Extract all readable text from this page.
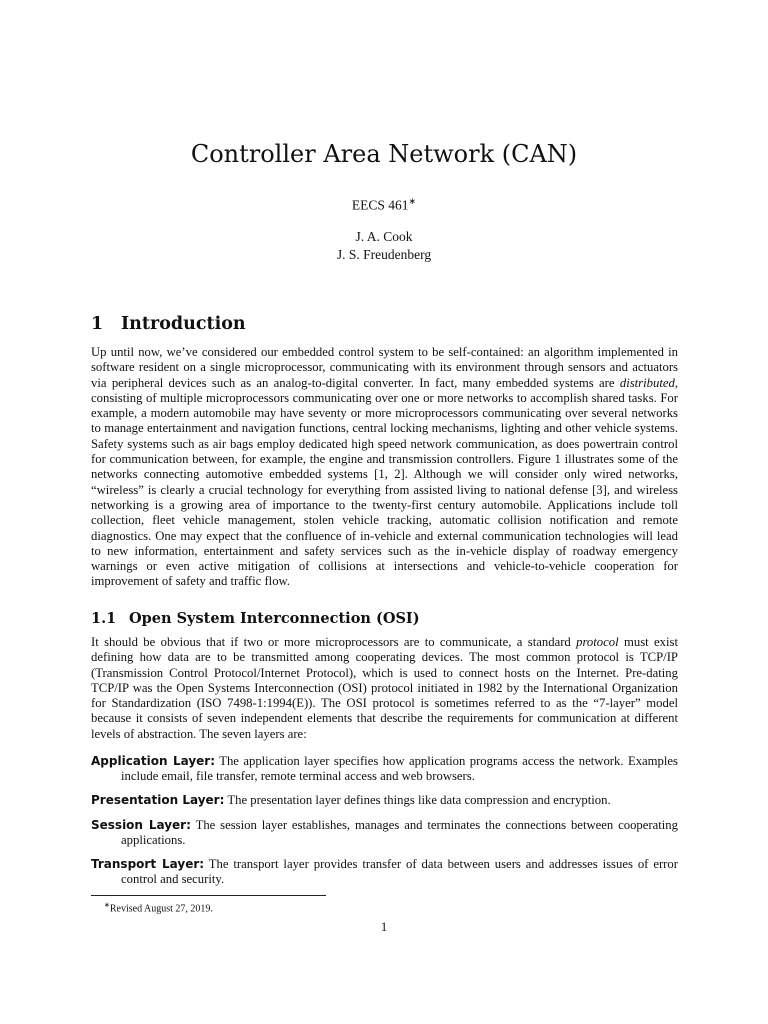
Controller Area Network (CAN)
EECS 461∗
J. A. Cook
J. S. Freudenberg
1 Introduction

Up until now, we’ve considered our embedded control system to be self-contained: an algorithm implemented in software resident on a single microprocessor, communicating with its environment through sensors and actuators via peripheral devices such as an analog-to-digital converter. In fact, many embedded systems are distributed, consisting of multiple microprocessors communicating over one or more networks to accomplish shared tasks. For example, a modern automobile may have seventy or more microprocessors communicating over several networks to manage entertainment and navigation functions, central locking mechanisms, lighting and other vehicle systems. Safety systems such as air bags employ dedicated high speed network communication, as does powertrain control for communication between, for example, the engine and transmission controllers. Figure 1 illustrates some of the networks connecting automotive embedded systems [1, 2]. Although we will consider only wired networks, “wireless” is clearly a crucial technology for everything from assisted living to national defense [3], and wireless networking is a growing area of importance to the twenty-first century automobile. Applications include toll collection, fleet vehicle management, stolen vehicle tracking, automatic collision notification and remote diagnostics. One may expect that the confluence of in-vehicle and external communication technologies will lead to new information, entertainment and safety services such as the in-vehicle display of roadway emergency warnings or even active mitigation of collisions at intersections and vehicle-to-vehicle cooperation for improvement of safety and traffic flow.

1.1 Open System Interconnection (OSI)

It should be obvious that if two or more microprocessors are to communicate, a standard protocol must exist defining how data are to be transmitted among cooperating devices. The most common protocol is TCP/IP (Transmission Control Protocol/Internet Protocol), which is used to connect hosts on the Internet. Pre-dating TCP/IP was the Open Systems Interconnection (OSI) protocol initiated in 1982 by the International Organization for Standardization (ISO 7498-1:1994(E)). The OSI protocol is sometimes referred to as the “7-layer” model because it consists of seven independent elements that describe the requirements for communication at different levels of abstraction. The seven layers are:

Application Layer: The application layer specifies how application programs access the network. Examples include email, file transfer, remote terminal access and web browsers.

Presentation Layer: The presentation layer defines things like data compression and encryption.

Session Layer: The session layer establishes, manages and terminates the connections between cooperating applications.

Transport Layer: The transport layer provides transfer of data between users and addresses issues of error control and security.

∗Revised August 27, 2019.
1
